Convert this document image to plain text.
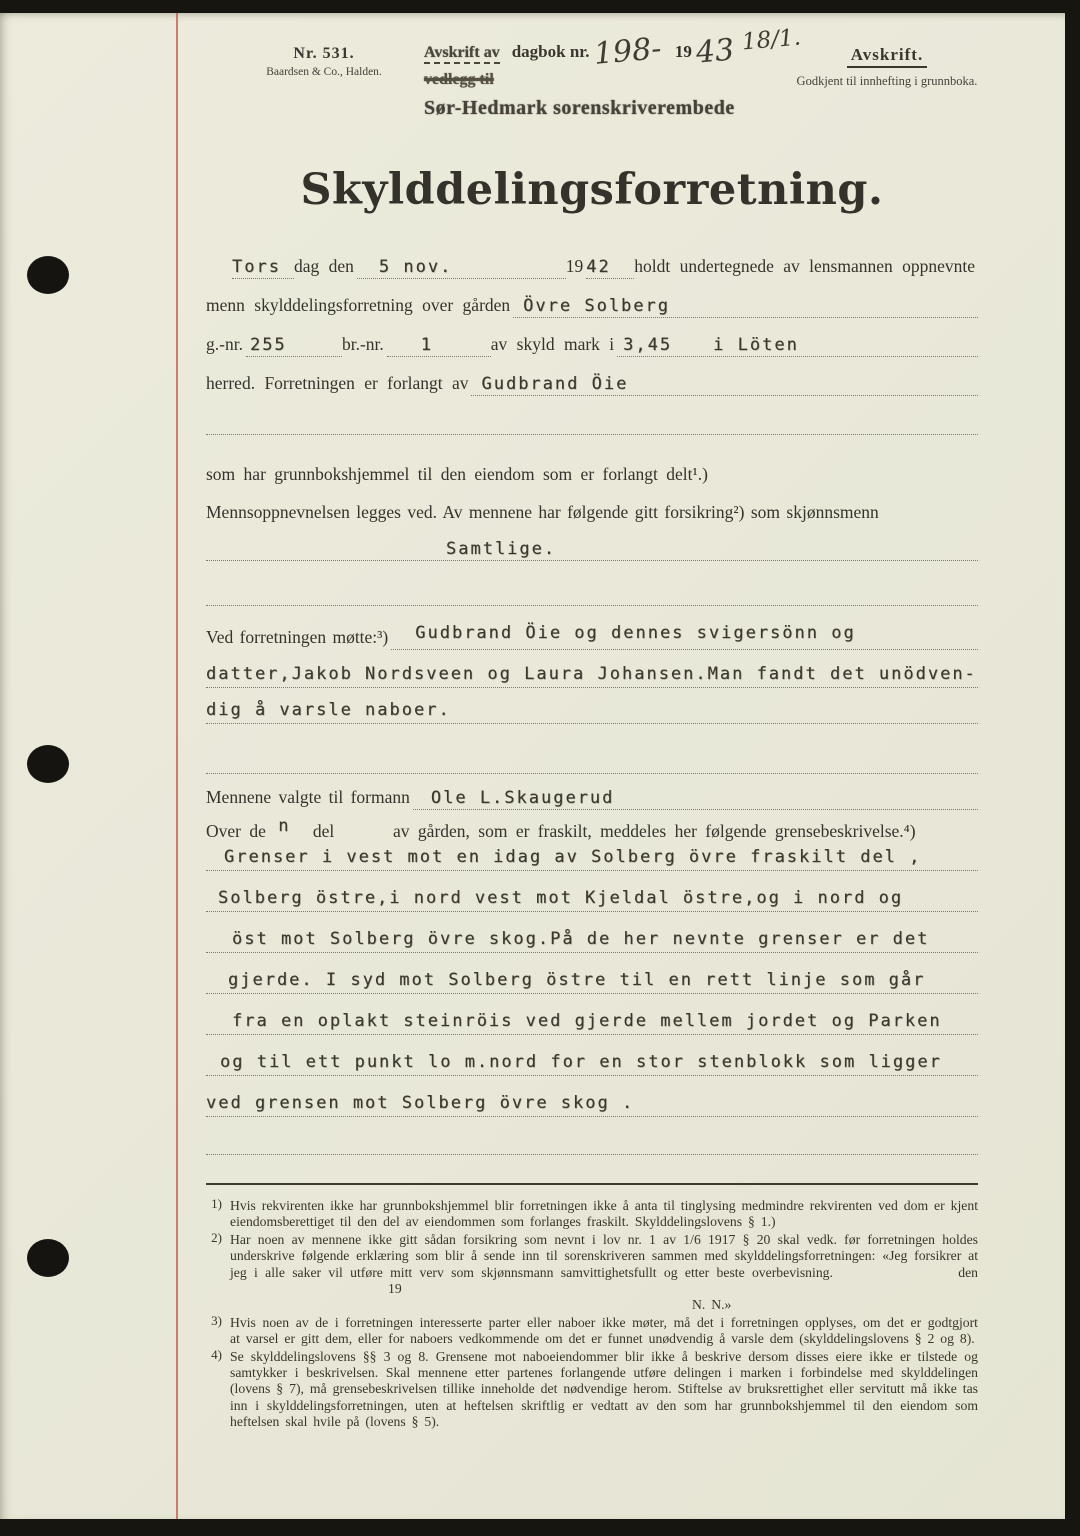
Nr. 531.
Baardsen & Co., Halden.
Avskrift av dagbok nr. 198- 19 43 18/1.
vedlegg til
Sør-Hedmark sorenskriverembede
Avskrift.
Godkjent til innhefting i grunnboka.
Skylddelingsforretning.
Tors dag den 5 nov.	19 42 holdt undertegnede av lensmannen oppnevnte
menn skylddelingsforretning over gården Övre Solberg
g.-nr. 255	br.-nr. 1	av skyld mark i 3,45 i Löten
herred. Forretningen er forlangt av Gudbrand Öie
som har grunnbokshjemmel til den eiendom som er forlangt delt¹.)
Mennsoppnevnelsen legges ved. Av mennene har følgende gitt forsikring²) som skjønnsmenn
Samtlige.
Ved forretningen møtte:³) Gudbrand Öie og dennes svigersönn og
datter,Jakob Nordsveen og Laura Johansen.Man fandt det unödven-
dig å varsle naboer.
Mennene valgte til formann Ole L.Skaugerud
Over de n del	av gården, som er fraskilt, meddeles her følgende grensebeskrivelse.⁴)
Grenser i vest mot en idag av Solberg övre fraskilt del ,
Solberg östre,i nord vest mot Kjeldal östre,og i nord og
öst mot Solberg övre skog.På de her nevnte grenser er det
gjerde. I syd mot Solberg östre til en rett linje som går
fra en oplakt steinröis ved gjerde mellem jordet og Parken
og til ett punkt lo m.nord for en stor stenblokk som ligger
ved grensen mot Solberg övre skog .
1) Hvis rekvirenten ikke har grunnbokshjemmel blir forretningen ikke å anta til tinglysing medmindre rekvirenten ved dom er kjent eiendomsberettiget til den del av eiendommen som forlanges fraskilt. Skylddelingslovens § 1.)
2) Har noen av mennene ikke gitt sådan forsikring som nevnt i lov nr. 1 av 1/6 1917 § 20 skal vedk. før forretningen holdes underskrive følgende erklæring som blir å sende inn til sorenskriveren sammen med skylddelingsforretningen: «Jeg forsikrer at jeg i alle saker vil utføre mitt verv som skjønnsmann samvittighetsfullt og etter beste overbevisning.	den 19
N. N.»
3) Hvis noen av de i forretningen interesserte parter eller naboer ikke møter, må det i forretningen opplyses, om det er godtgjort at varsel er gitt dem, eller for naboers vedkommende om det er funnet unødvendig å varsle dem (skylddelingslovens § 2 og 8).
4) Se skylddelingslovens §§ 3 og 8. Grensene mot naboeiendommer blir ikke å beskrive dersom disses eiere ikke er tilstede og samtykker i beskrivelsen. Skal mennene etter partenes forlangende utføre delingen i marken i forbindelse med skylddelingen (lovens § 7), må grensebeskrivelsen tillike inneholde det nødvendige herom. Stiftelse av bruksrettighet eller servitutt må ikke tas inn i skylddelingsforretningen, uten at heftelsen skriftlig er vedtatt av den som har grunnbokshjemmel til den eiendom som heftelsen skal hvile på (lovens § 5).
